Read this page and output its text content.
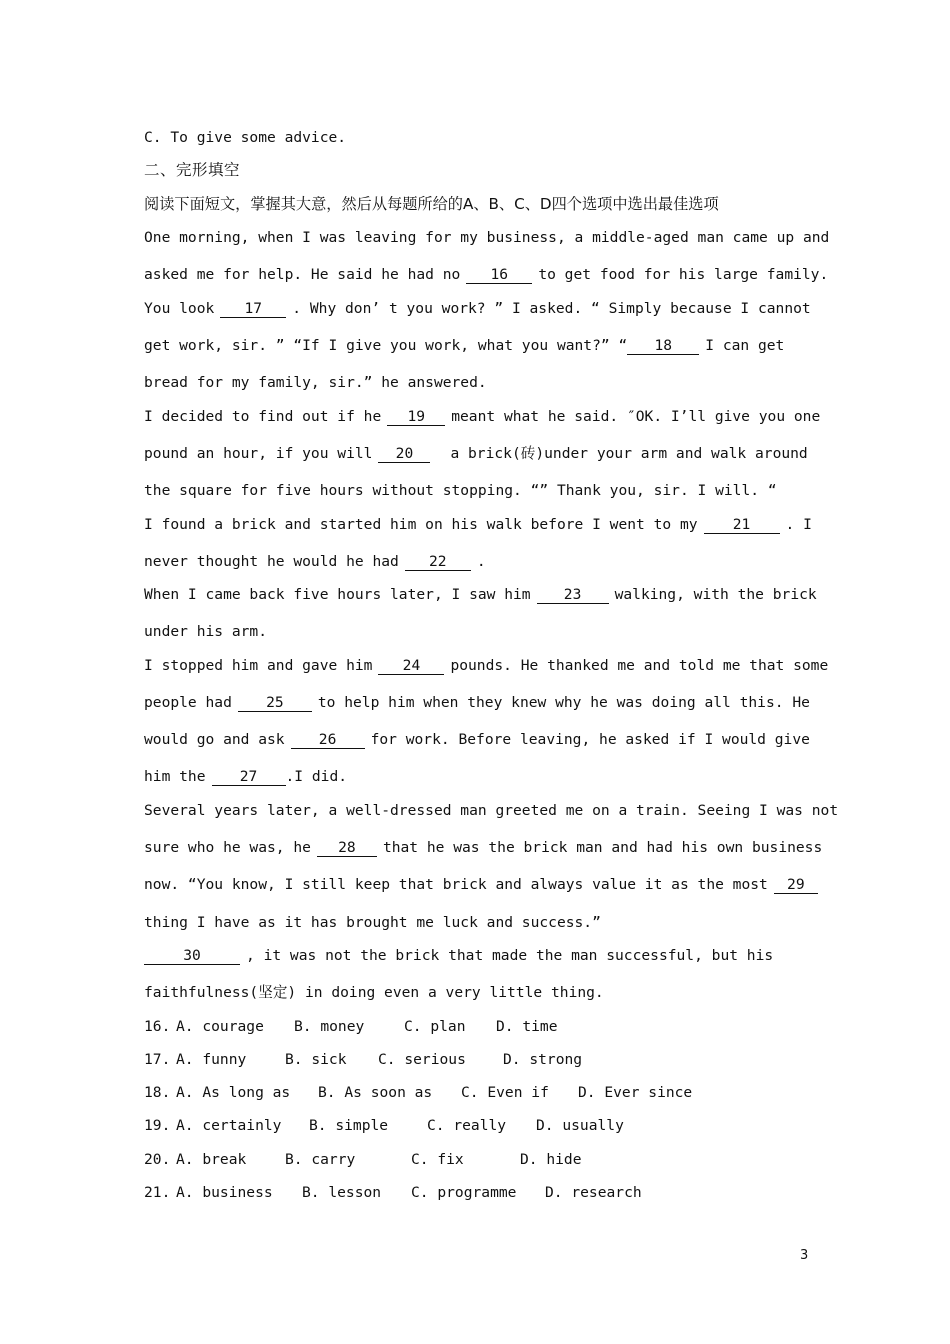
C. To give some advice.
二、完形填空
阅读下面短文，掌握其大意，然后从每题所给的A、B、C、D四个选项中选出最佳选项
One morning, when I was leaving for my business, a middle-aged man came up and
asked me for help. He said he had no 16 to get food for his large family.
You look 17 . Why don’ t you work? ” I asked. “ Simply because I cannot
get work, sir. ” “If I give you work, what you want?” “ 18 I can get
bread for my family, sir.” he answered.
I decided to find out if he 19 meant what he said. ″OK. I’ll give you one
pound an hour, if you will 20	a brick(砖)under your arm and walk around
the square for five hours without stopping. “” Thank you, sir. I will. “
I found a brick and started him on his walk before I went to my 21 . I
never thought he would he had 22 .
When I came back five hours later, I saw him 23 walking, with the brick
under his arm.
I stopped him and gave him 24 pounds. He thanked me and told me that some
people had 25 to help him when they knew why he was doing all this. He
would go and ask 26 for work. Before leaving, he asked if I would give
him the 27 .I did.
Several years later, a well-dressed man greeted me on a train. Seeing I was not
sure who he was, he 28 that he was the brick man and had his own business
now. “You know, I still keep that brick and always value it as the most 29
thing I have as it has brought me luck and success.”
30	, it was not the brick that made the man successful, but his
faithfulness(坚定) in doing even a very little thing.
16. A. courage B. money	C. plan D. time
17. A. funny	B. sick C. serious	D. strong
18. A. As long as B. As soon as C. Even if D. Ever since
19. A. certainly B. simple	C. really D. usually
20. A. break	B. carry	C. fix	D. hide
21. A. business B. lesson C. programme D. research
3
